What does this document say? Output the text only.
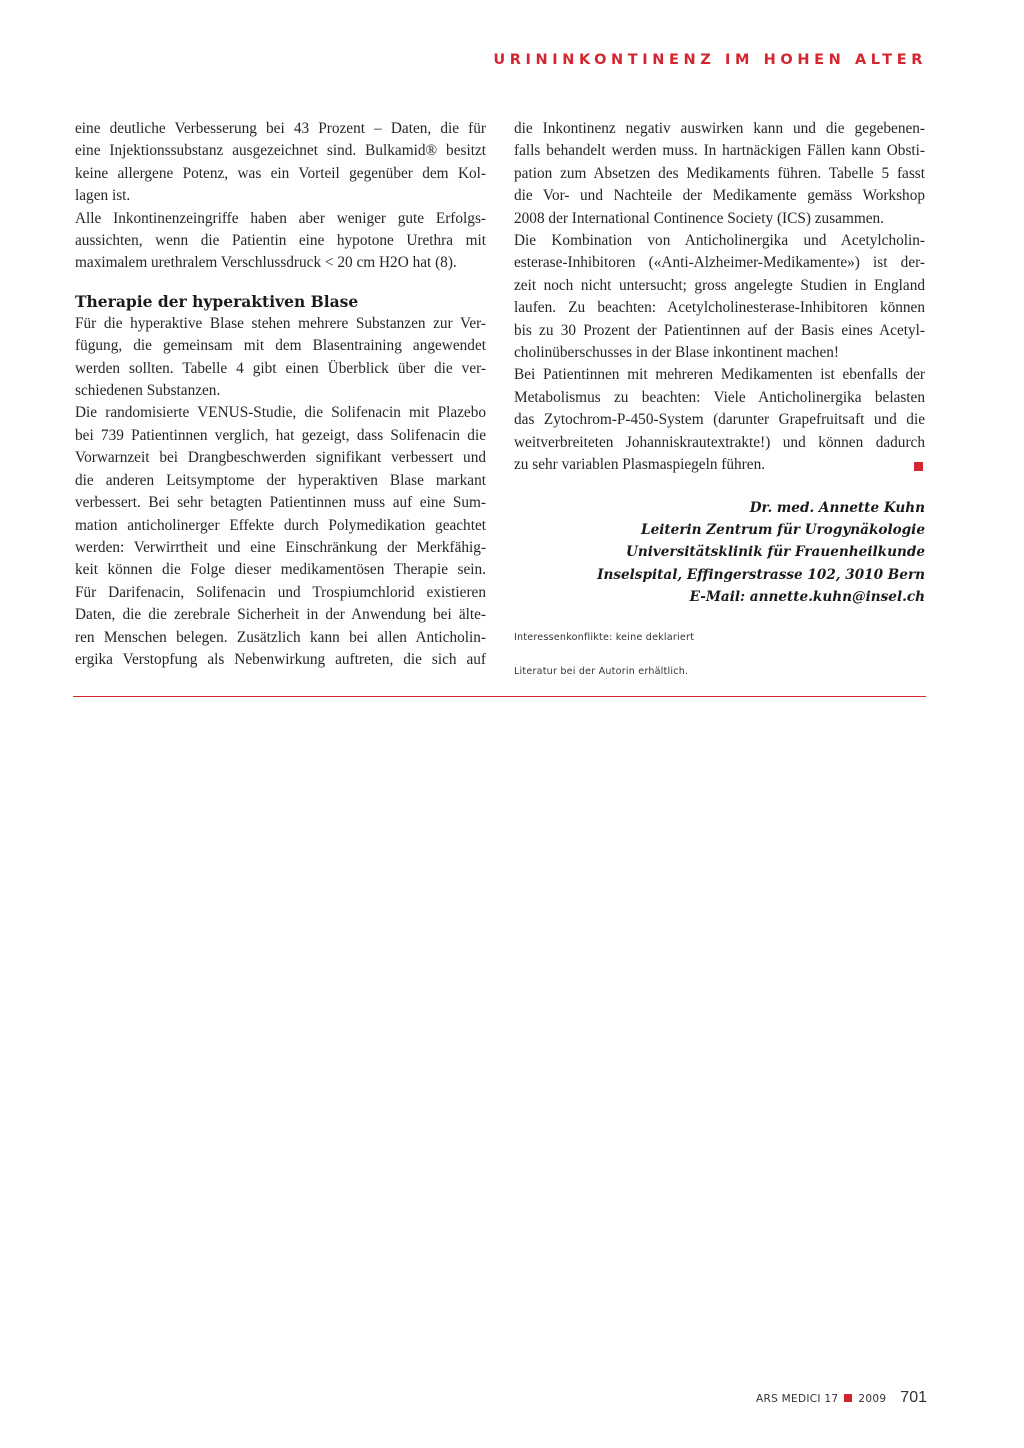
URININKONTINENZ IM HOHEN ALTER

eine deutliche Verbesserung bei 43 Prozent – Daten, die für
eine Injektionssubstanz ausgezeichnet sind. Bulkamid® besitzt
keine allergene Potenz, was ein Vorteil gegenüber dem Kol-
lagen ist.

Alle Inkontinenzeingriffe haben aber weniger gute Erfolgs-
aussichten, wenn die Patientin eine hypotone Urethra mit
maximalem urethralem Verschlussdruck < 20 cm H2O hat (8).

Therapie der hyperaktiven Blase

Für die hyperaktive Blase stehen mehrere Substanzen zur Ver-
fügung, die gemeinsam mit dem Blasentraining angewendet
werden sollten. Tabelle 4 gibt einen Überblick über die ver-
schiedenen Substanzen.

Die randomisierte VENUS-Studie, die Solifenacin mit Plazebo
bei 739 Patientinnen verglich, hat gezeigt, dass Solifenacin die
Vorwarnzeit bei Drangbeschwerden signifikant verbessert und
die anderen Leitsymptome der hyperaktiven Blase markant
verbessert. Bei sehr betagten Patientinnen muss auf eine Sum-
mation anticholinerger Effekte durch Polymedikation geachtet
werden: Verwirrtheit und eine Einschränkung der Merkfähig-
keit können die Folge dieser medikamentösen Therapie sein.
Für Darifenacin, Solifenacin und Trospiumchlorid existieren
Daten, die die zerebrale Sicherheit in der Anwendung bei älte-
ren Menschen belegen. Zusätzlich kann bei allen Anticholin-
ergika Verstopfung als Nebenwirkung auftreten, die sich auf

die Inkontinenz negativ auswirken kann und die gegebenen-
falls behandelt werden muss. In hartnäckigen Fällen kann Obsti-
pation zum Absetzen des Medikaments führen. Tabelle 5 fasst
die Vor- und Nachteile der Medikamente gemäss Workshop
2008 der International Continence Society (ICS) zusammen.

Die Kombination von Anticholinergika und Acetylcholin-
esterase-Inhibitoren («Anti-Alzheimer-Medikamente») ist der-
zeit noch nicht untersucht; gross angelegte Studien in England
laufen. Zu beachten: Acetylcholinesterase-Inhibitoren können
bis zu 30 Prozent der Patientinnen auf der Basis eines Acetyl-
cholinüberschusses in der Blase inkontinent machen!

Bei Patientinnen mit mehreren Medikamenten ist ebenfalls der
Metabolismus zu beachten: Viele Anticholinergika belasten
das Zytochrom-P-450-System (darunter Grapefruitsaft und die
weitverbreiteten Johanniskrautextrakte!) und können dadurch
zu sehr variablen Plasmaspiegeln führen.

Dr. med. Annette Kuhn
Leiterin Zentrum für Urogynäkologie
Universitätsklinik für Frauenheilkunde
Inselspital, Effingerstrasse 102, 3010 Bern
E-Mail: annette.kuhn@insel.ch
Interessenkonflikte: keine deklariert
Literatur bei der Autorin erhältlich.
ARS MEDICI 17 2009 701
